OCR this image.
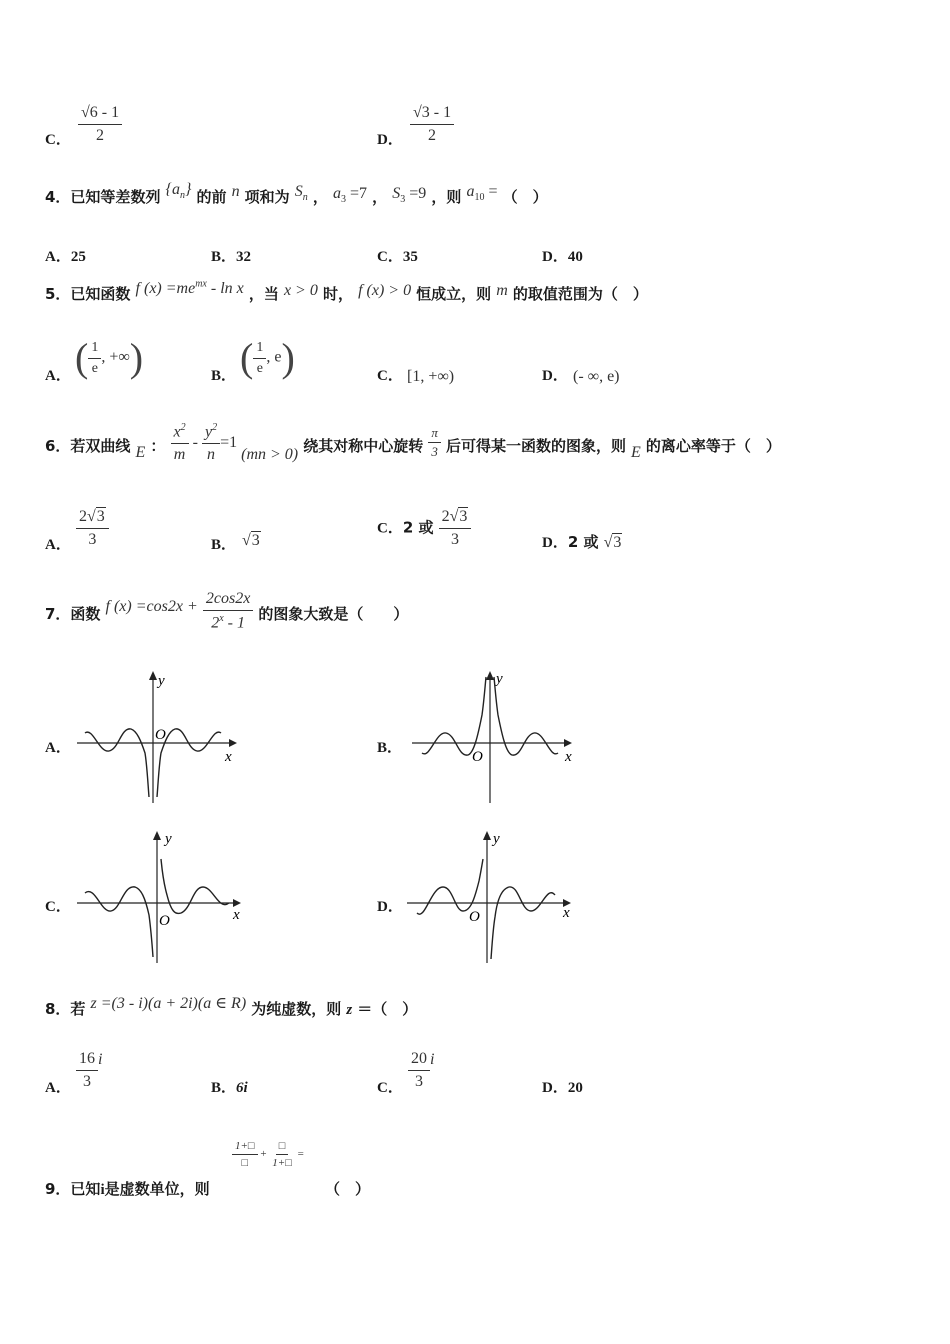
C． $\frac{√6 - 1}{2}$	D． $\frac{√3 - 1}{2}$
4．已知等差数列 $\{a_n\}$ 的前 n 项和为 $S_n$ ， $a_3 =7$ ， $S_3 =9$ ，则 $a_{10}$ = （　）
A．25	B．32	C．35	D．40
5．已知函数 f $(x) =me^{mx} - \ln x$ ，当 x > 0 时， f (x) > 0 恒成立，则 m 的取值范围为（　）
A． ( $\frac{1}{e}$ , +∞)	B． ( $\frac{1}{e}$ , e)	C． [1, +∞)	D． (- ∞, e)
6．若双曲线 E ： $\frac{x^2}{m} - \frac{y^2}{n} =1$
(mn > 0) 绕其对称中心旋转 $\frac{\pi}{3}$ 后可得某一函数的图象，则 E 的离心率等于（　）
A． $\frac{2√3}{3}$	B． √3
C．2 或 $\frac{2√3}{3}$	D．2 或 √3
7．函数 f $(x) =\cos 2x + \frac{2\cos 2x}{2^x - 1}$ 的图象大致是（　　）
A．
y
x
O
B．
y
x
O
C．
y
x
O
D．
y
x
O
8．若 z =(3 - i)(a + 2i)(a ∈ R) 为纯虚数，则 z ＝（　）
A． $\frac{16}{3}$ i
B．6i	C． $\frac{20}{3}$ i
D．20
$\frac{1+□}{□} + \frac{□}{1+□}$ =
9．已知i是虚数单位，则	（　）
